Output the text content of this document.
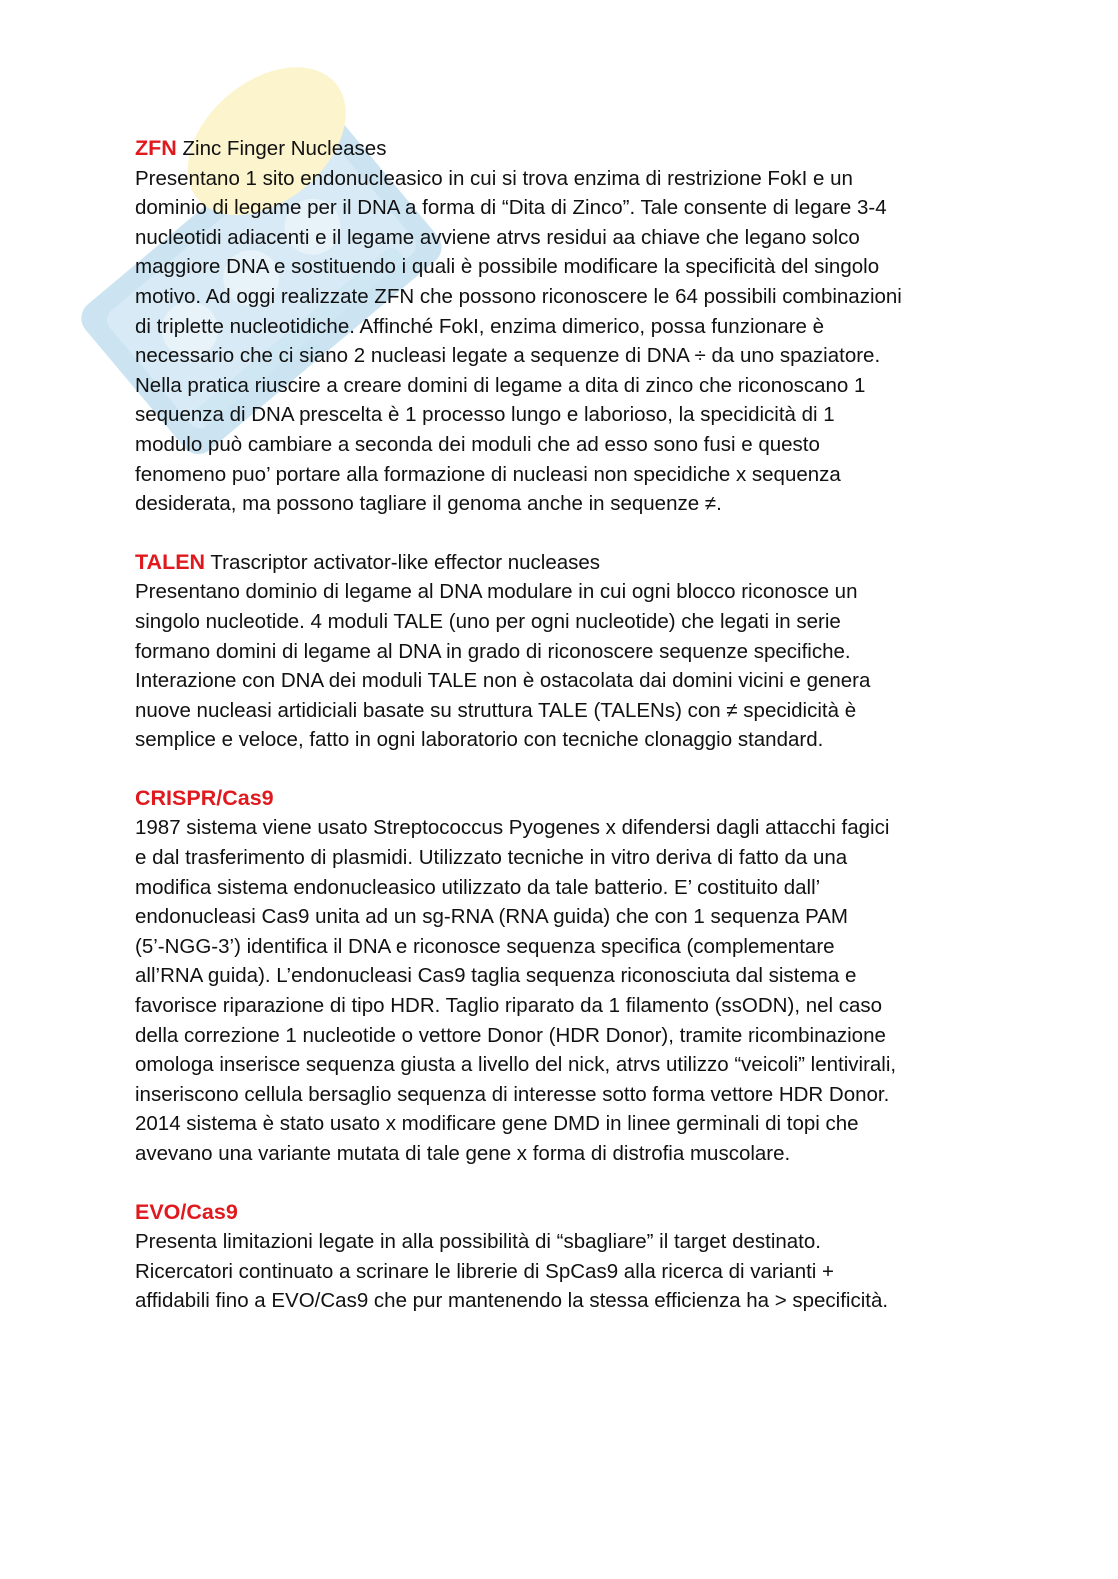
ZFN Zinc Finger Nucleases
Presentano 1 sito endonucleasico in cui si trova enzima di restrizione FokI e un
dominio di legame per il DNA a forma di “Dita di Zinco”. Tale consente di legare 3-4
nucleotidi adiacenti e il legame avviene atrvs residui aa chiave che legano solco
maggiore DNA e sostituendo i quali è possibile modificare la specificità del singolo
motivo. Ad oggi realizzate ZFN che possono riconoscere le 64 possibili combinazioni
di triplette nucleotidiche. Affinché FokI, enzima dimerico, possa funzionare è
necessario che ci siano 2 nucleasi legate a sequenze di DNA ÷ da uno spaziatore.
Nella pratica riuscire a creare domini di legame a dita di zinco che riconoscano 1
sequenza di DNA prescelta è 1 processo lungo e laborioso, la specidicità di 1
modulo può cambiare a seconda dei moduli che ad esso sono fusi e questo
fenomeno puo’ portare alla formazione di nucleasi non specidiche x sequenza
desiderata, ma possono tagliare il genoma anche in sequenze ≠.
TALEN Trascriptor activator-like effector nucleases
Presentano dominio di legame al DNA modulare in cui ogni blocco riconosce un
singolo nucleotide. 4 moduli TALE (uno per ogni nucleotide) che legati in serie
formano domini di legame al DNA in grado di riconoscere sequenze specifiche.
Interazione con DNA dei moduli TALE non è ostacolata dai domini vicini e genera
nuove nucleasi artidiciali basate su struttura TALE (TALENs) con ≠ specidicità è
semplice e veloce, fatto in ogni laboratorio con tecniche clonaggio standard.
CRISPR/Cas9
1987 sistema viene usato Streptococcus Pyogenes x difendersi dagli attacchi fagici
e dal trasferimento di plasmidi. Utilizzato tecniche in vitro deriva di fatto da una
modifica sistema endonucleasico utilizzato da tale batterio. E’ costituito dall’
endonucleasi Cas9 unita ad un sg-RNA (RNA guida) che con 1 sequenza PAM
(5’-NGG-3’) identifica il DNA e riconosce sequenza specifica (complementare
all’RNA guida). L’endonucleasi Cas9 taglia sequenza riconosciuta dal sistema e
favorisce riparazione di tipo HDR. Taglio riparato da 1 filamento (ssODN), nel caso
della correzione 1 nucleotide o vettore Donor (HDR Donor), tramite ricombinazione
omologa inserisce sequenza giusta a livello del nick, atrvs utilizzo “veicoli” lentivirali,
inseriscono cellula bersaglio sequenza di interesse sotto forma vettore HDR Donor.
2014 sistema è stato usato x modificare gene DMD in linee germinali di topi che
avevano una variante mutata di tale gene x forma di distrofia muscolare.
EVO/Cas9
Presenta limitazioni legate in alla possibilità di “sbagliare” il target destinato.
Ricercatori continuato a scrinare le librerie di SpCas9 alla ricerca di varianti +
affidabili fino a EVO/Cas9 che pur mantenendo la stessa efficienza ha > specificità.
